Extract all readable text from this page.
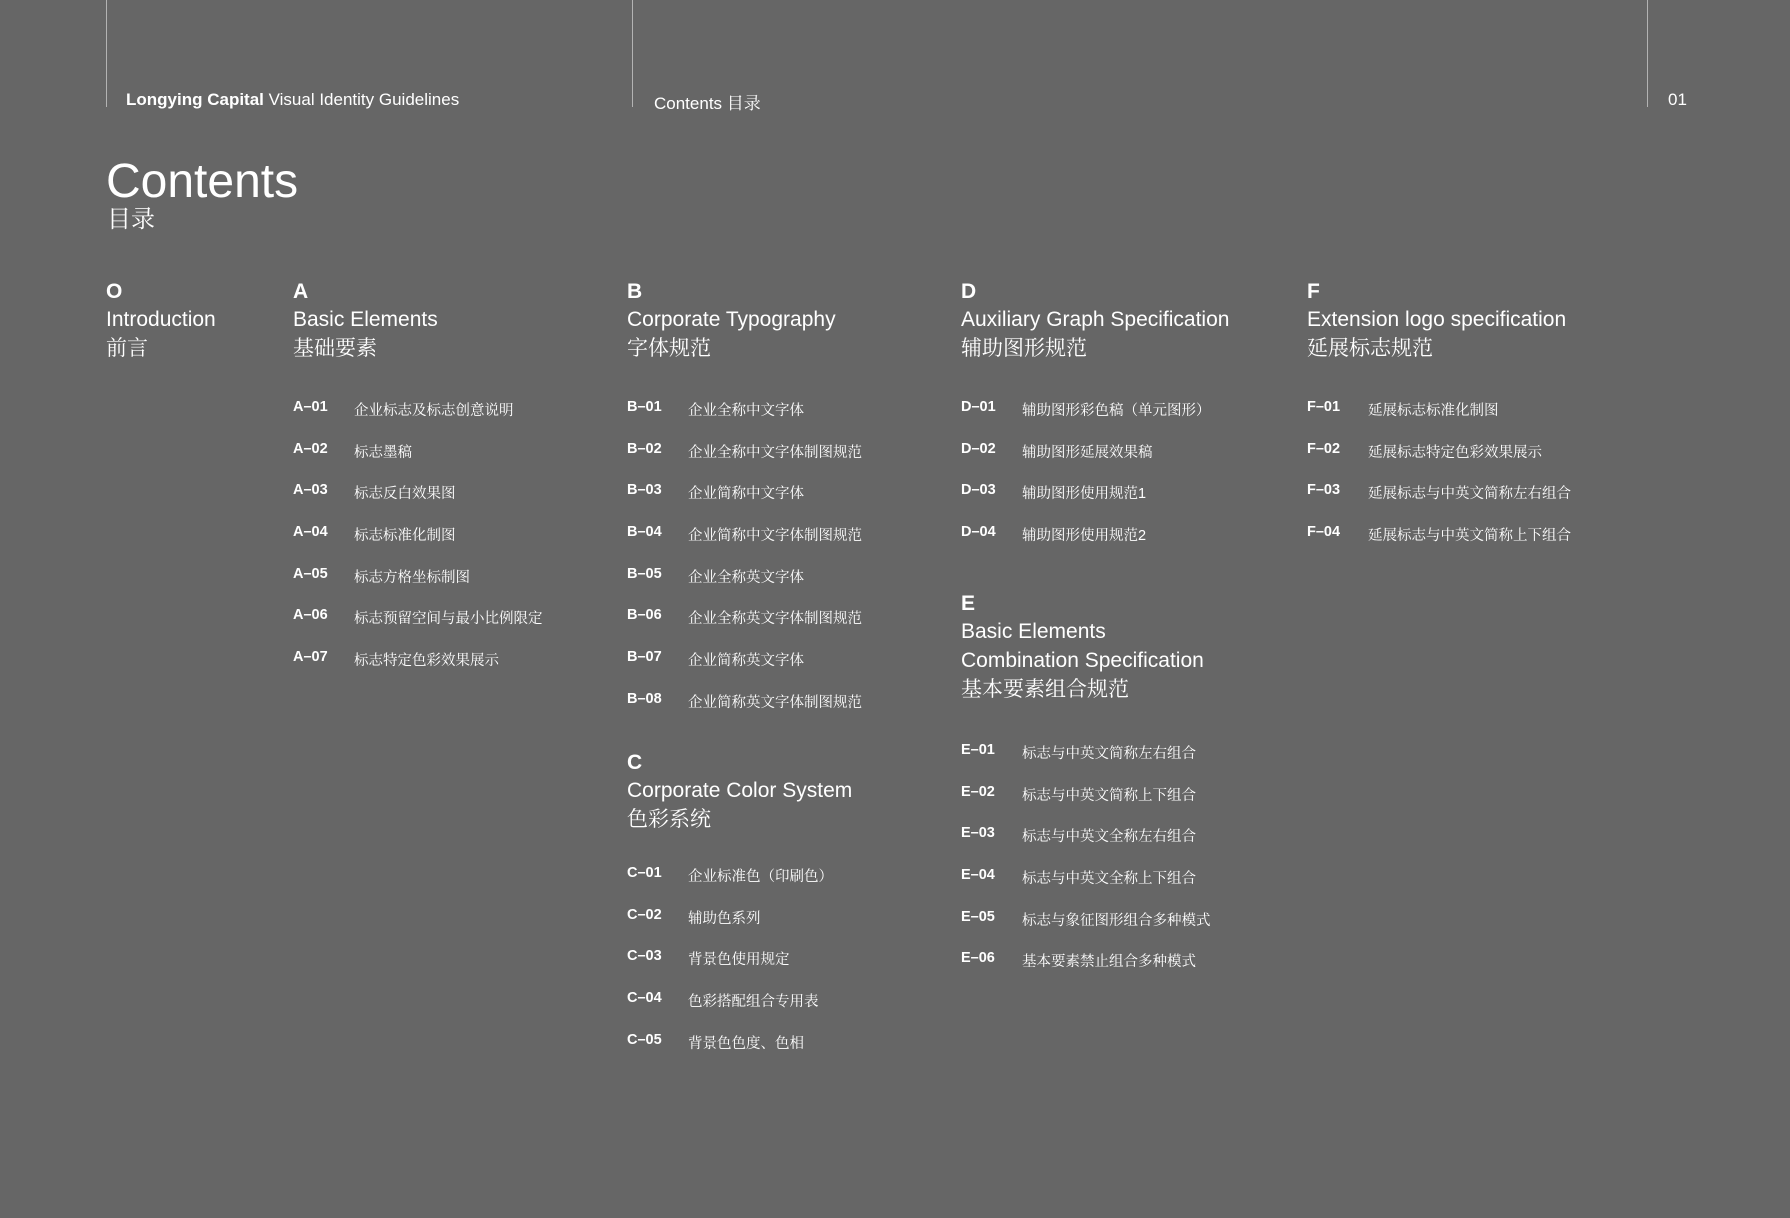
Longying Capital Visual Identity Guidelines	Contents 目录	01
Contents
目录
O
Introduction
前言
A
Basic Elements
基础要素
A–01	企业标志及标志创意说明
A–02	标志墨稿
A–03	标志反白效果图
A–04	标志标准化制图
A–05	标志方格坐标制图
A–06	标志预留空间与最小比例限定
A–07	标志特定色彩效果展示
B
Corporate Typography
字体规范
B–01	企业全称中文字体
B–02	企业全称中文字体制图规范
B–03	企业简称中文字体
B–04	企业简称中文字体制图规范
B–05	企业全称英文字体
B–06	企业全称英文字体制图规范
B–07	企业简称英文字体
B–08	企业简称英文字体制图规范
C
Corporate Color System
色彩系统
C–01	企业标准色（印刷色）
C–02	辅助色系列
C–03	背景色使用规定
C–04	色彩搭配组合专用表
C–05	背景色色度、色相
D
Auxiliary Graph Specification
辅助图形规范
D–01	辅助图形彩色稿（单元图形）
D–02	辅助图形延展效果稿
D–03	辅助图形使用规范1
D–04	辅助图形使用规范2
E
Basic Elements
Combination Specification
基本要素组合规范
E–01	标志与中英文简称左右组合
E–02	标志与中英文简称上下组合
E–03	标志与中英文全称左右组合
E–04	标志与中英文全称上下组合
E–05	标志与象征图形组合多种模式
E–06	基本要素禁止组合多种模式
F
Extension logo specification
延展标志规范
F–01	延展标志标准化制图
F–02	延展标志特定色彩效果展示
F–03	延展标志与中英文简称左右组合
F–04	延展标志与中英文简称上下组合
